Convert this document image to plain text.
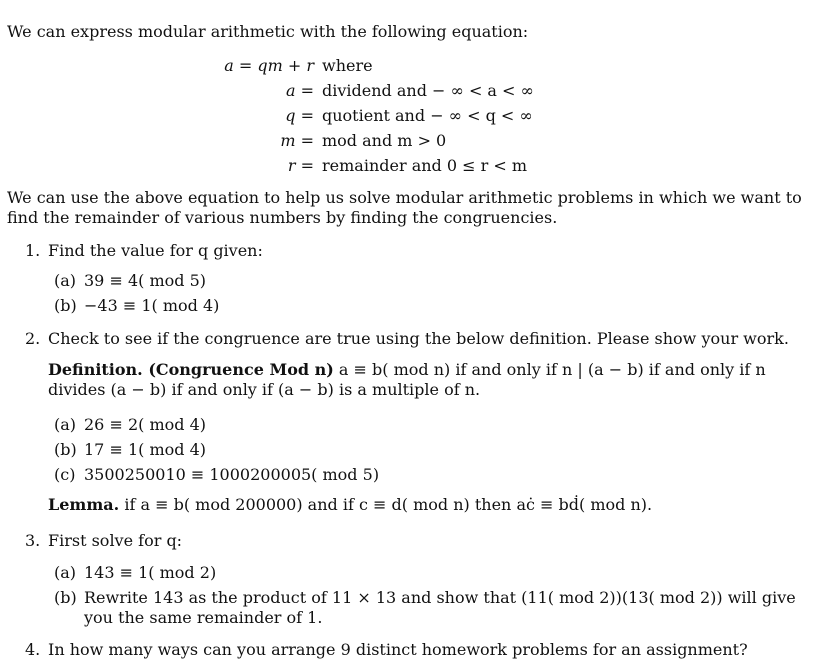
We can express modular arithmetic with the following equation:
a = qm + r where
a = dividend and − ∞ < a < ∞
q = quotient and − ∞ < q < ∞
m = mod and m > 0
r = remainder and 0 ≤ r < m
We can use the above equation to help us solve modular arithmetic problems in which we want to find the remainder of various numbers by finding the congruencies.
1. Find the value for q given:
(a) 39 ≡ 4( mod 5)
(b) −43 ≡ 1( mod 4)
2. Check to see if the congruence are true using the below definition. Please show your work.
Definition. (Congruence Mod n) a ≡ b( mod n) if and only if n | (a − b) if and only if n divides (a − b) if and only if (a − b) is a multiple of n.
(a) 26 ≡ 2( mod 4)
(b) 17 ≡ 1( mod 4)
(c) 3500250010 ≡ 1000200005( mod 5)
Lemma. if a ≡ b( mod 200000) and if c ≡ d( mod n) then aċ ≡ bḋ( mod n).
3. First solve for q:
(a) 143 ≡ 1( mod 2)
(b) Rewrite 143 as the product of 11 × 13 and show that (11( mod 2))(13( mod 2)) will give you the same remainder of 1.
4. In how many ways can you arrange 9 distinct homework problems for an assignment?
